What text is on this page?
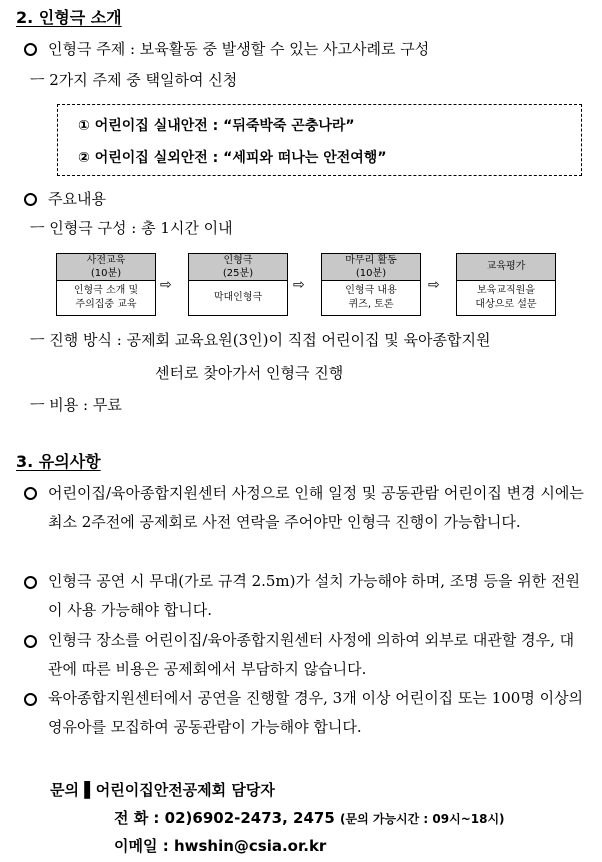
2. 인형극 소개
인형극 주제 : 보육활동 중 발생할 수 있는 사고사례로 구성
ㅡ 2가지 주제 중 택일하여 신청
① 어린이집 실내안전 : “뒤죽박죽 곤충나라”
② 어린이집 실외안전 : “세피와 떠나는 안전여행”
주요내용
ㅡ 인형극 구성 : 총 1시간 이내
사전교육
(10분)
인형극 소개 및
주의집중 교육
⇨
인형극
(25분)
막대인형극
⇨
마무리 활동
(10분)
인형극 내용
퀴즈, 토론
⇨
교육평가
보육교직원을
대상으로 설문
ㅡ 진행 방식 : 공제회 교육요원(3인)이 직접 어린이집 및 육아종합지원
센터로 찾아가서 인형극 진행
ㅡ 비용 : 무료
3. 유의사항
어린이집/육아종합지원센터 사정으로 인해 일정 및 공동관람 어린이집 변경 시에는 최소 2주전에 공제회로 사전 연락을 주어야만 인형극 진행이 가능합니다.
인형극 공연 시 무대(가로 규격 2.5m)가 설치 가능해야 하며, 조명 등을 위한 전원이 사용 가능해야 합니다.
인형극 장소를 어린이집/육아종합지원센터 사정에 의하여 외부로 대관할 경우, 대관에 따른 비용은 공제회에서 부담하지 않습니다.
육아종합지원센터에서 공연을 진행할 경우, 3개 이상 어린이집 또는 100명 이상의 영유아를 모집하여 공동관람이 가능해야 합니다.
문의 ▌어린이집안전공제회 담당자
전 화 : 02)6902-2473, 2475 (문의 가능시간 : 09시~18시)
이메일 : hwshin@csia.or.kr
